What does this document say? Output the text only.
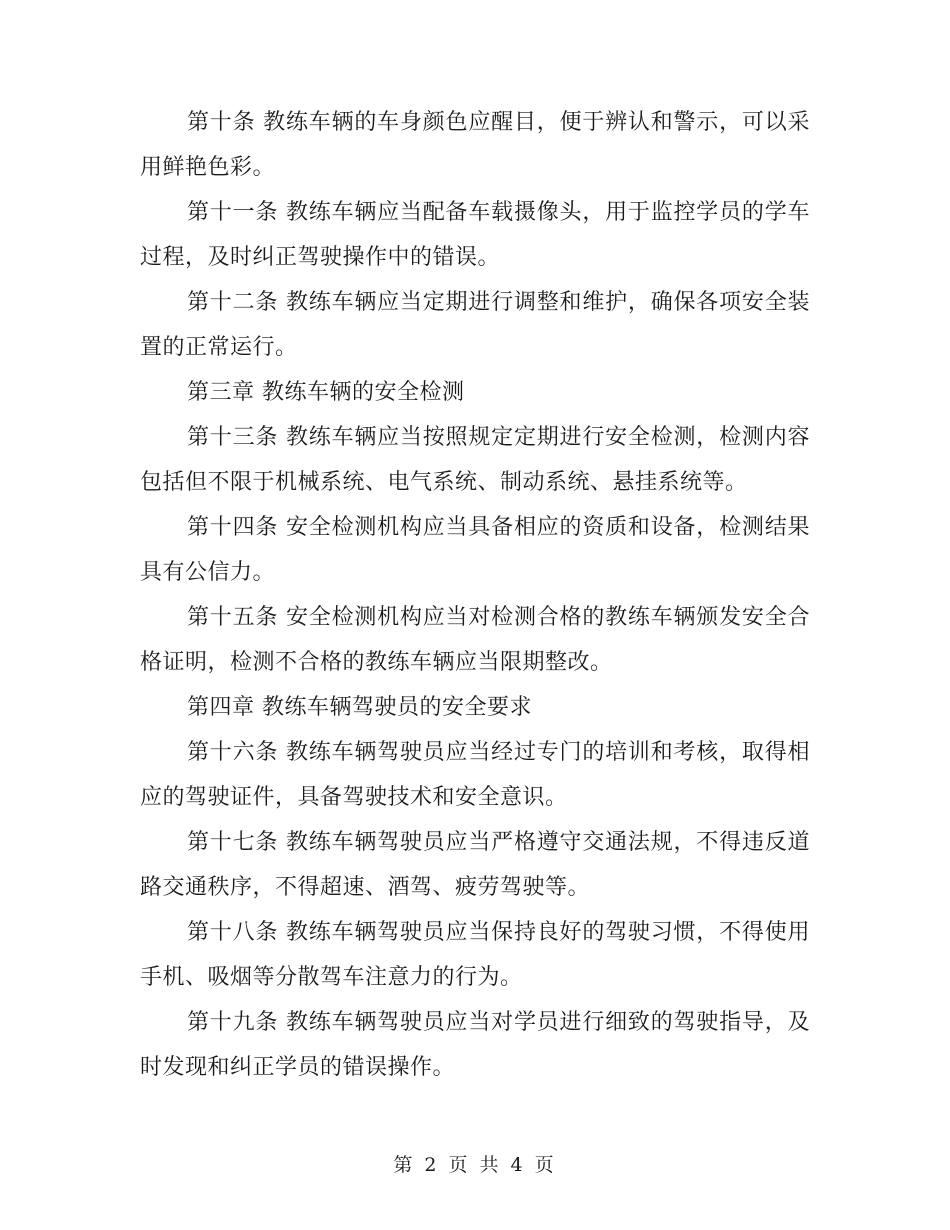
第十条 教练车辆的车身颜色应醒目，便于辨认和警示，可以采用鲜艳色彩。

第十一条 教练车辆应当配备车载摄像头，用于监控学员的学车过程，及时纠正驾驶操作中的错误。

第十二条 教练车辆应当定期进行调整和维护，确保各项安全装置的正常运行。

第三章 教练车辆的安全检测

第十三条 教练车辆应当按照规定定期进行安全检测，检测内容包括但不限于机械系统、电气系统、制动系统、悬挂系统等。

第十四条 安全检测机构应当具备相应的资质和设备，检测结果具有公信力。

第十五条 安全检测机构应当对检测合格的教练车辆颁发安全合格证明，检测不合格的教练车辆应当限期整改。

第四章 教练车辆驾驶员的安全要求

第十六条 教练车辆驾驶员应当经过专门的培训和考核，取得相应的驾驶证件，具备驾驶技术和安全意识。

第十七条 教练车辆驾驶员应当严格遵守交通法规，不得违反道路交通秩序，不得超速、酒驾、疲劳驾驶等。

第十八条 教练车辆驾驶员应当保持良好的驾驶习惯，不得使用手机、吸烟等分散驾车注意力的行为。

第十九条 教练车辆驾驶员应当对学员进行细致的驾驶指导，及时发现和纠正学员的错误操作。

第 2 页 共 4 页
